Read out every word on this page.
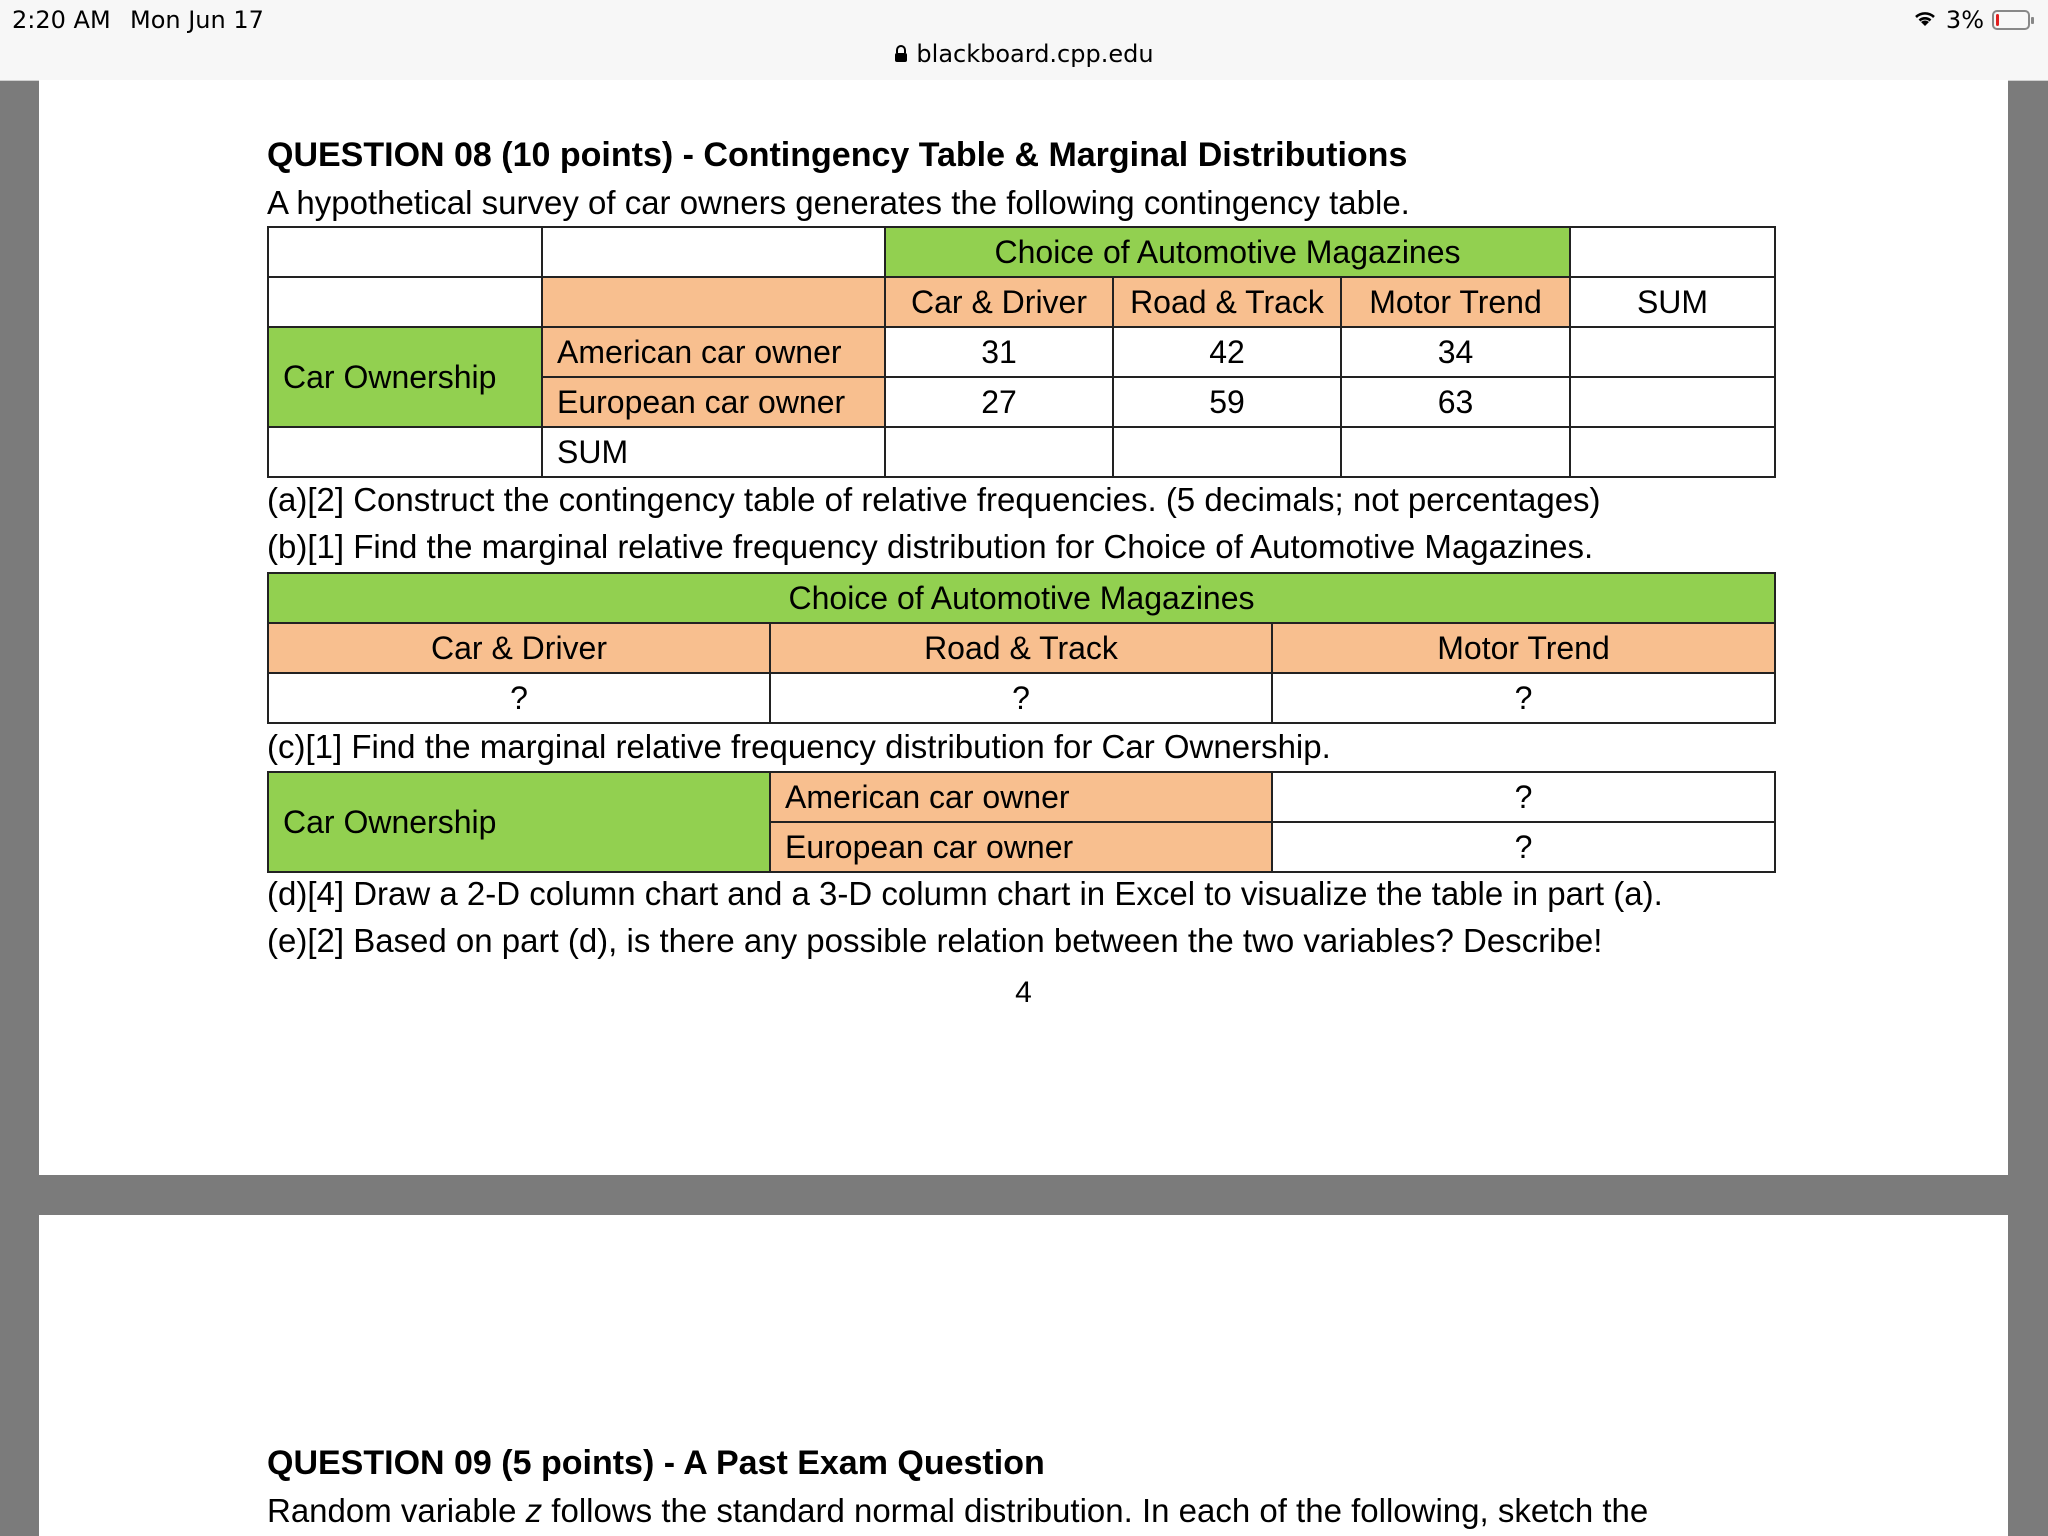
2:20 AM Mon Jun 17
blackboard.cpp.edu
3%
QUESTION 08 (10 points) - Contingency Table & Marginal Distributions
A hypothetical survey of car owners generates the following contingency table.
		Choice of Automotive Magazines			
		Car & Driver	Road & Track	Motor Trend	SUM
Car Ownership	American car owner	31	42	34	
	European car owner	27	59	63	
	SUM				
(a)[2] Construct the contingency table of relative frequencies. (5 decimals; not percentages)
(b)[1] Find the marginal relative frequency distribution for Choice of Automotive Magazines.
Choice of Automotive Magazines		
Car & Driver	Road & Track	Motor Trend
?	?	?
(c)[1] Find the marginal relative frequency distribution for Car Ownership.
Car Ownership	American car owner	?
	European car owner	?
(d)[4] Draw a 2-D column chart and a 3-D column chart in Excel to visualize the table in part (a).
(e)[2] Based on part (d), is there any possible relation between the two variables? Describe!
4
QUESTION 09 (5 points) - A Past Exam Question
Random variable z follows the standard normal distribution. In each of the following, sketch the
